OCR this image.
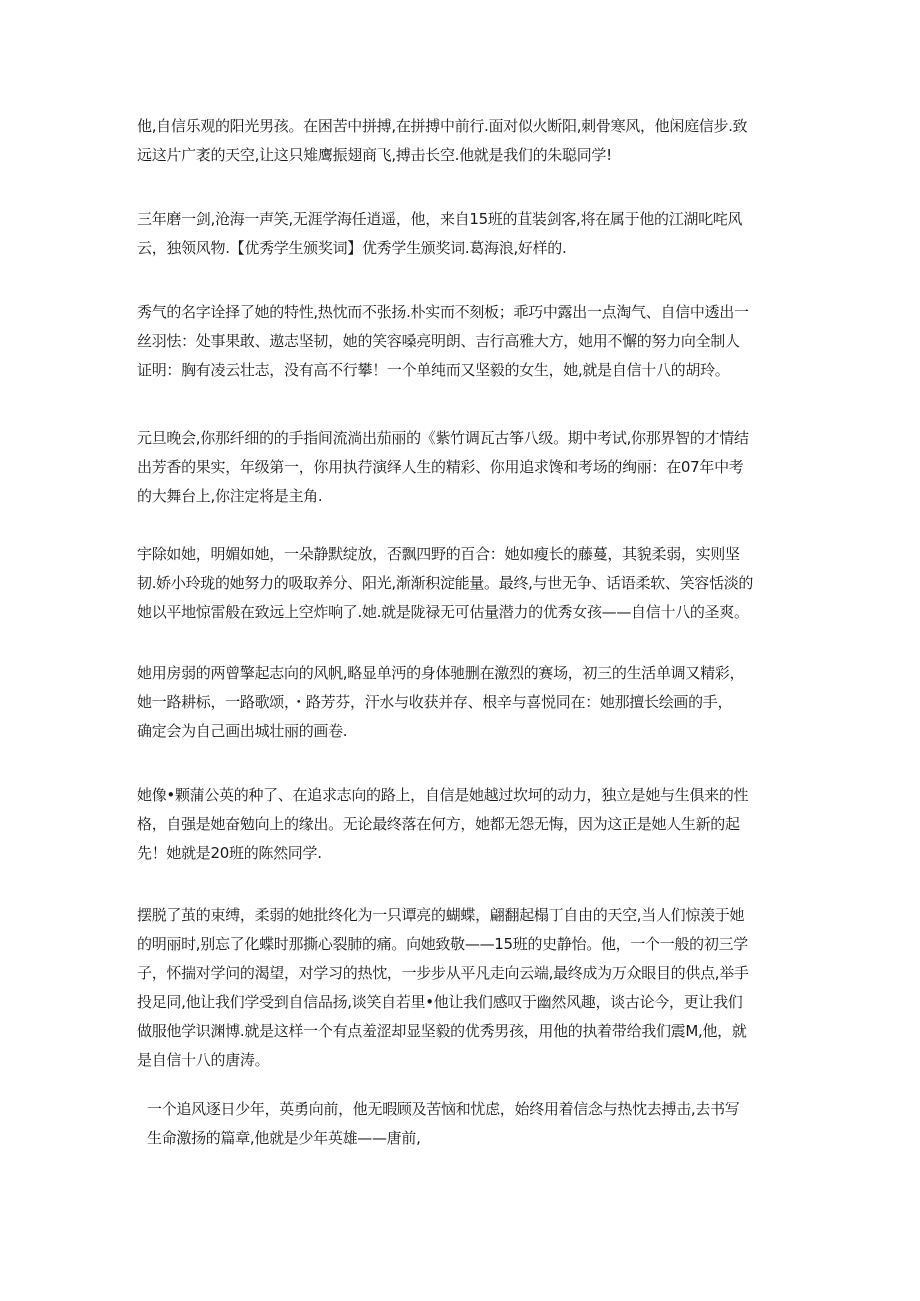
他,自信乐观的阳光男孩。在困苦中拼搏,在拼搏中前行.面对似火断阳,刺骨寒风，他闲庭信步.致
远这片广袤的天空,让这只雉鹰振翅商飞,搏击长空.他就是我们的朱聪同学!
三年磨一剑,沧海一声笑,无涯学海任逍遥，他，来自15班的苴装剑客,将在属于他的江湖叱咤风
云，独领风物.【优秀学生颁奖词】优秀学生颁奖词.葛海浪,好样的.
秀气的名字诠择了她的特性,热忱而不张扬.朴实而不刻板；乖巧中露出一点淘气、自信中透出一
丝羽怯：处事果敢、遨志坚韧，她的笑容嗓亮明朗、吉行高雅大方，她用不懈的努力向全制人
证明：胸有凌云壮志，没有高不行攀！一个单纯而又坚毅的女生，她,就是自信十八的胡玲。
元旦晚会,你那纤细的的手指间流淌出茄丽的《紫竹调瓦古筝八级。期中考试,你那界智的才情结
出芳香的果实，年级第一，你用执荇演绎人生的精彩、你用追求馋和考场的绚丽：在07年中考
的大舞台上,你注定将是主角.
宇除如她，明媚如她，一朵静默绽放，否飘四野的百合：她如瘦长的藤蔓，其貌柔弱，实则坚
韧.娇小玲珑的她努力的吸取养分、阳光,渐渐积淀能量。最终,与世无争、话语柔软、笑容恬淡的
她以平地惊雷般在致远上空炸响了.她.就是陇禄无可估量潜力的优秀女孩——自信十八的圣爽。
她用房弱的两曾擎起志向的风帆,略显单沔的身体驰删在激烈的赛场，初三的生活单调又精彩，
她一路耕标，一路歌颂，・路芳芬，汗水与收获并存、根辛与喜悦同在：她那擅长绘画的手，
确定会为自己画出城壮丽的画卷.
她像•颗蒲公英的种了、在追求志向的路上，自信是她越过坎坷的动力，独立是她与生俱来的性
格，自强是她奋勉向上的缘出。无论最终落在何方，她都无怨无悔，因为这正是她人生新的起
先！她就是20班的陈然同学.
摆脱了茧的束缚，柔弱的她批终化为一只谭亮的蝴蝶，翩翻起榻丁自由的天空,当人们惊羡于她
的明丽时,别忘了化蝶时那撕心裂肺的痛。向她致敬——15班的史静怡。他，一个一般的初三学
子，怀揣对学问的渴望，对学习的热忱，一步步从平凡走向云端,最终成为万众眼目的供点,举手
投足同,他让我们学受到自信品扬,谈笑自若里•他让我们感叹于幽然风趣，谈古论今，更让我们
做服他学识渊博.就是这样一个有点羞涩却显坚毅的优秀男孩，用他的执着带给我们震M,他，就
是自信十八的唐涛。
一个追风逐日少年，英勇向前，他无暇顾及苦恼和忧虑，始终用着信念与热忱去搏击,去书写
生命激扬的篇章,他就是少年英雄——唐前,
